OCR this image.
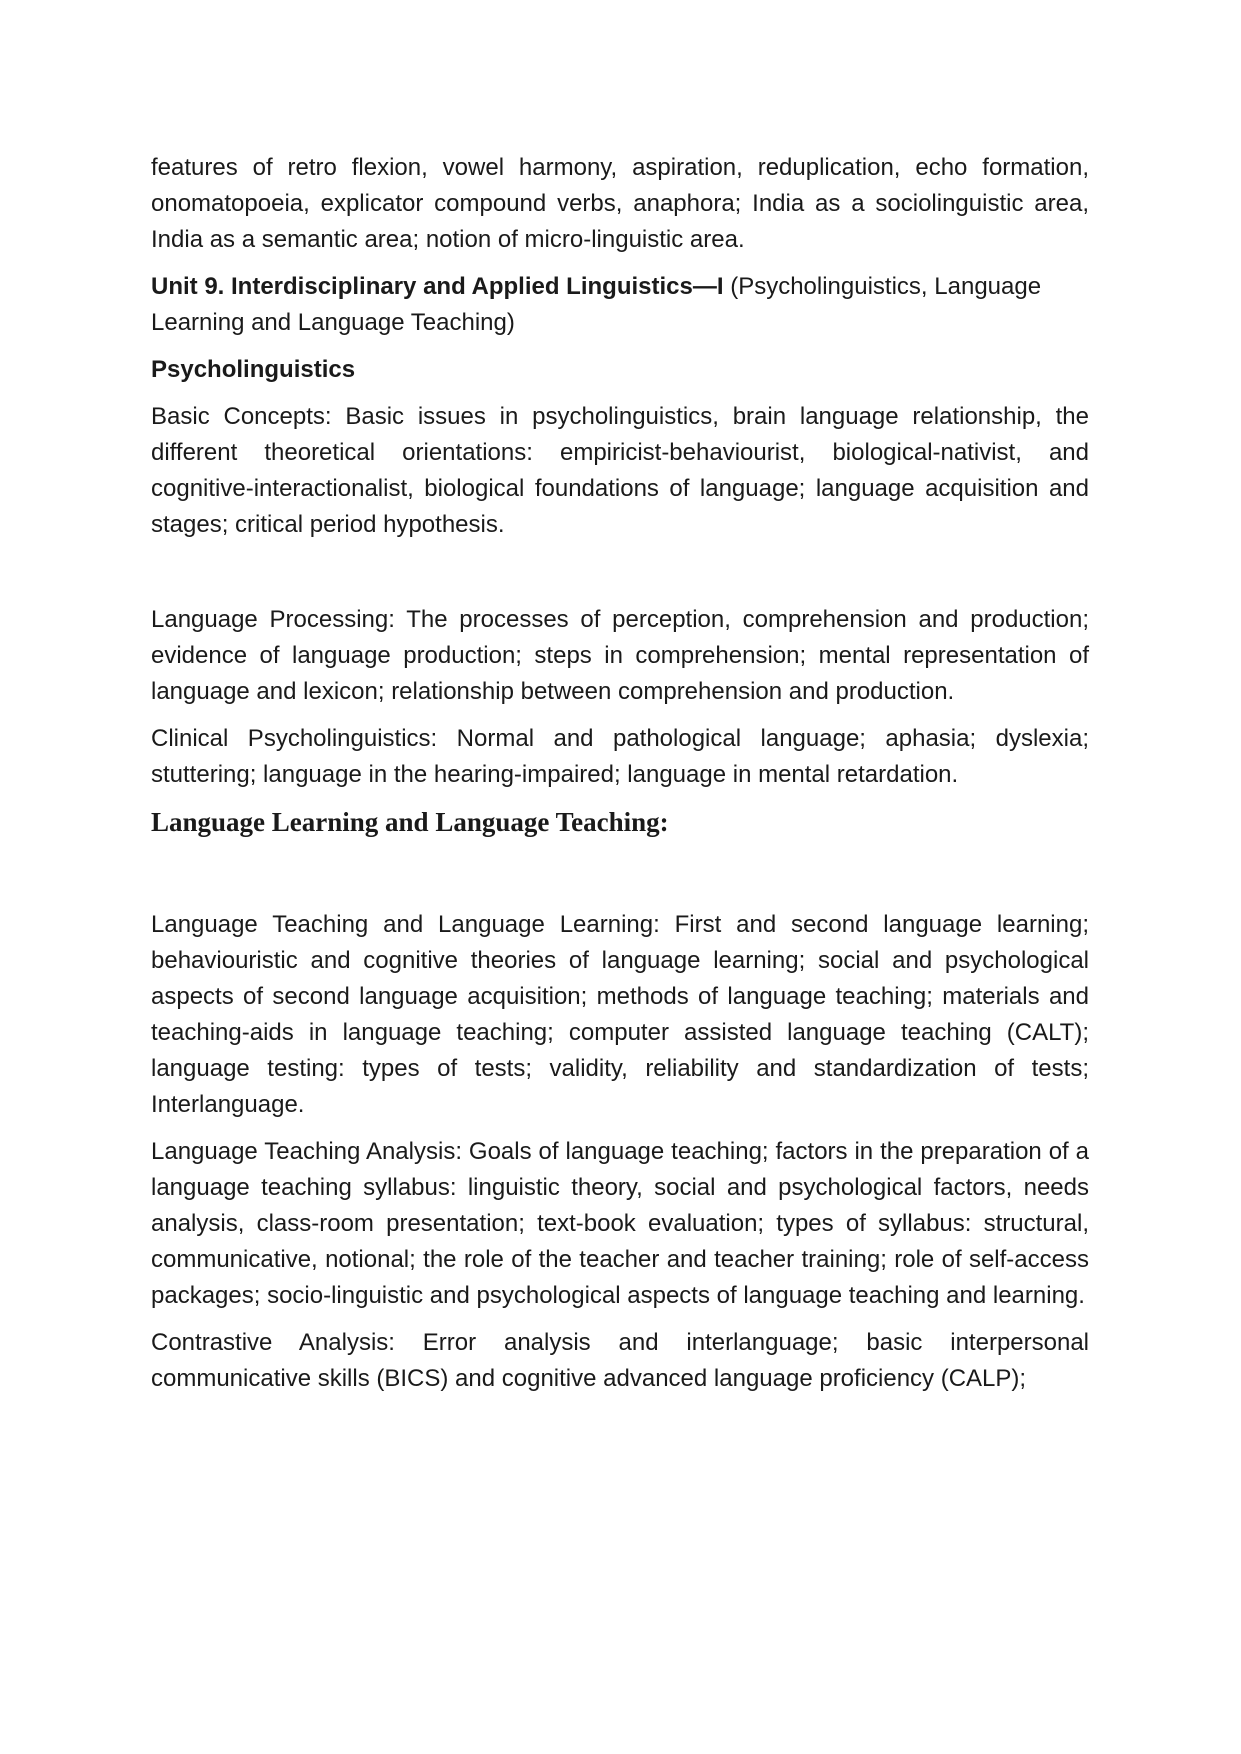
features of retro flexion, vowel harmony, aspiration, reduplication, echo formation, onomatopoeia, explicator compound verbs, anaphora; India as a sociolinguistic area, India as a semantic area; notion of micro-linguistic area.

Unit 9. Interdisciplinary and Applied Linguistics—I (Psycholinguistics, Language Learning and Language Teaching)

Psycholinguistics

Basic Concepts: Basic issues in psycholinguistics, brain language relationship, the different theoretical orientations: empiricist-behaviourist, biological-nativist, and cognitive-interactionalist, biological foundations of language; language acquisition and stages; critical period hypothesis.

Language Processing: The processes of perception, comprehension and production; evidence of language production; steps in comprehension; mental representation of language and lexicon; relationship between comprehension and production.

Clinical Psycholinguistics: Normal and pathological language; aphasia; dyslexia; stuttering; language in the hearing-impaired; language in mental retardation.

Language Learning and Language Teaching:

Language Teaching and Language Learning: First and second language learning; behaviouristic and cognitive theories of language learning; social and psychological aspects of second language acquisition; methods of language teaching; materials and teaching-aids in language teaching; computer assisted language teaching (CALT); language testing: types of tests; validity, reliability and standardization of tests; Interlanguage.

Language Teaching Analysis: Goals of language teaching; factors in the preparation of a language teaching syllabus: linguistic theory, social and psychological factors, needs analysis, class-room presentation; text-book evaluation; types of syllabus: structural, communicative, notional; the role of the teacher and teacher training; role of self-access packages; socio-linguistic and psychological aspects of language teaching and learning.

Contrastive Analysis: Error analysis and interlanguage; basic interpersonal communicative skills (BICS) and cognitive advanced language proficiency (CALP);
